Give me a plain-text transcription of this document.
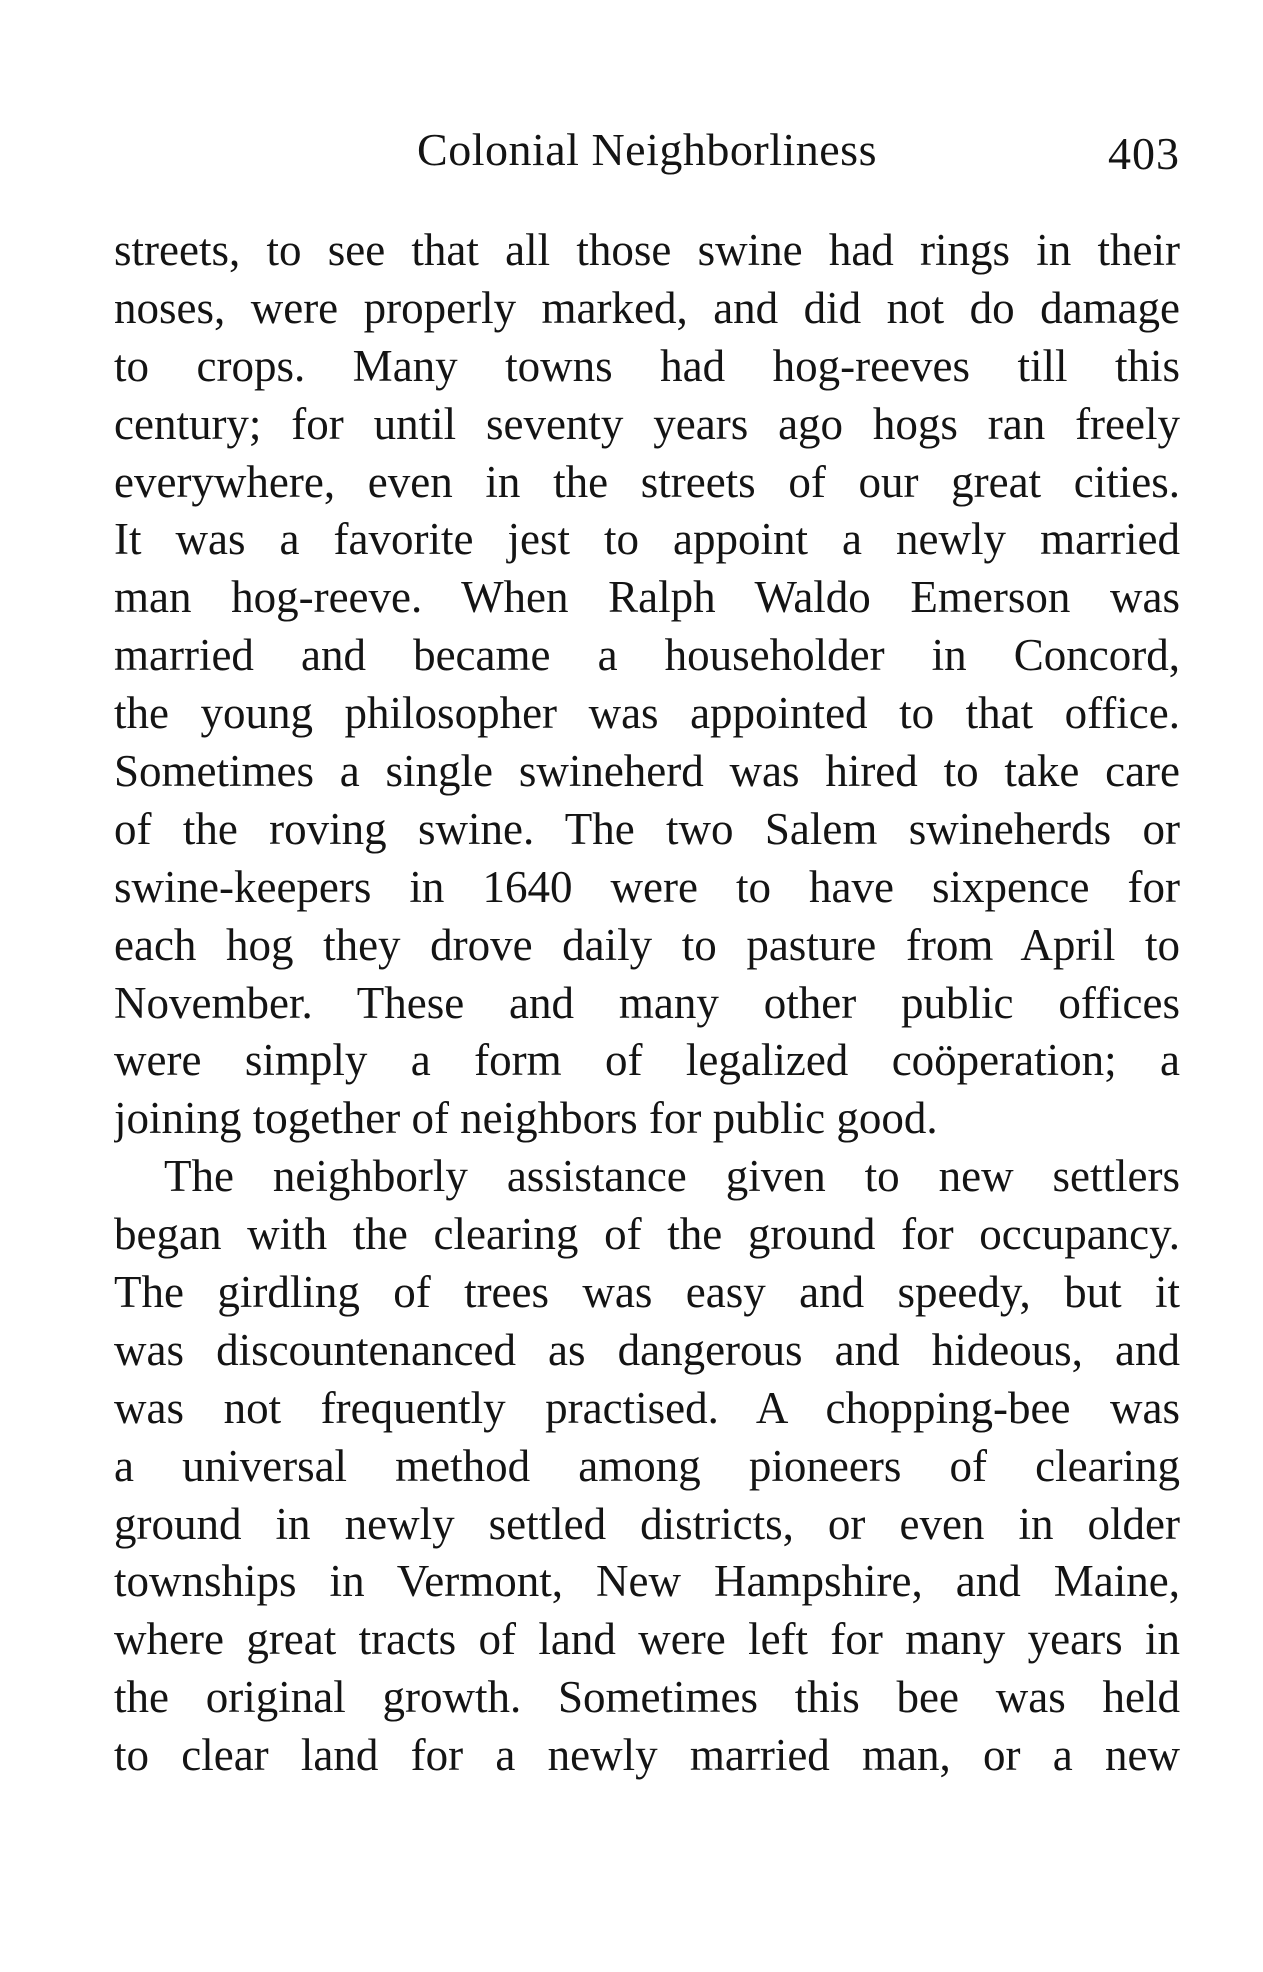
Colonial Neighborliness	403
streets, to see that all those swine had rings in their
noses, were properly marked, and did not do damage
to crops. Many towns had hog-reeves till this
century; for until seventy years ago hogs ran freely
everywhere, even in the streets of our great cities.
It was a favorite jest to appoint a newly married
man hog-reeve. When Ralph Waldo Emerson was
married and became a householder in Concord,
the young philosopher was appointed to that office.
Sometimes a single swineherd was hired to take care
of the roving swine. The two Salem swineherds or
swine-keepers in 1640 were to have sixpence for
each hog they drove daily to pasture from April to
November. These and many other public offices
were simply a form of legalized coöperation; a
joining together of neighbors for public good.
The neighborly assistance given to new settlers
began with the clearing of the ground for occupancy.
The girdling of trees was easy and speedy, but it
was discountenanced as dangerous and hideous, and
was not frequently practised. A chopping-bee was
a universal method among pioneers of clearing
ground in newly settled districts, or even in older
townships in Vermont, New Hampshire, and Maine,
where great tracts of land were left for many years in
the original growth. Sometimes this bee was held
to clear land for a newly married man, or a new
